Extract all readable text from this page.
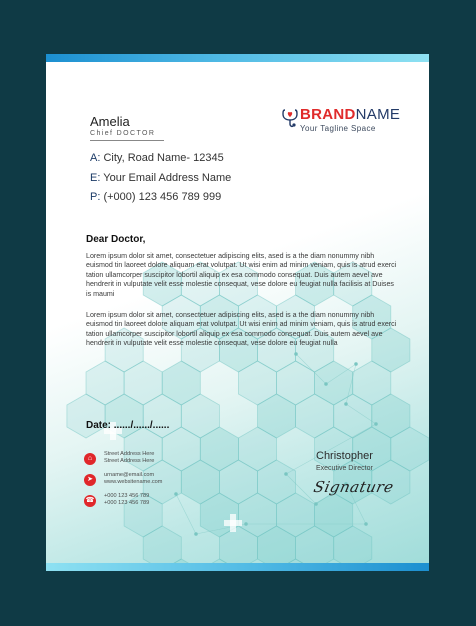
Amelia
Chief DOCTOR
BRANDNAME
Your Tagline Space
A: City, Road Name- 12345
E: Your Email Address Name
P: (+000) 123 456 789 999
Dear Doctor,
Lorem ipsum dolor sit amet, consectetuer adipiscing elits, ased is a the diam nonummy nibh euismod tin laoreet dolore aliquam erat volutpat. Ut wisi enim ad minim veniam, quis is atrud exerci tation ullamcorper suscipitor lobortil aliquip ex esa commodo consequat. Duis autem aevel ave hendrerit in vulputate velit esse molestie consequat, vese dolore eu feugiat nulla facilisis at Duises is maumi
Lorem ipsum dolor sit amet, consectetuer adipiscing elits, ased is a the diam nonummy nibh euismod tin laoreet dolore aliquam erat volutpat. Ut wisi enim ad minim veniam, quis is atrud exerci tation ullamcorper suscipitor lobortil aliquip ex esa commodo consequat. Duis autem aevel ave hendrerit in vulputate velit esse molestie consequat, vese dolore eu feugiat nulla
Date: ....../....../......
⌂
Street Address Here
Street Address Here
➤
urname@email.com
www.websitename.com
☎
+000 123 456 789
+000 123 456 789
Christopher
Executive Director
Signature
